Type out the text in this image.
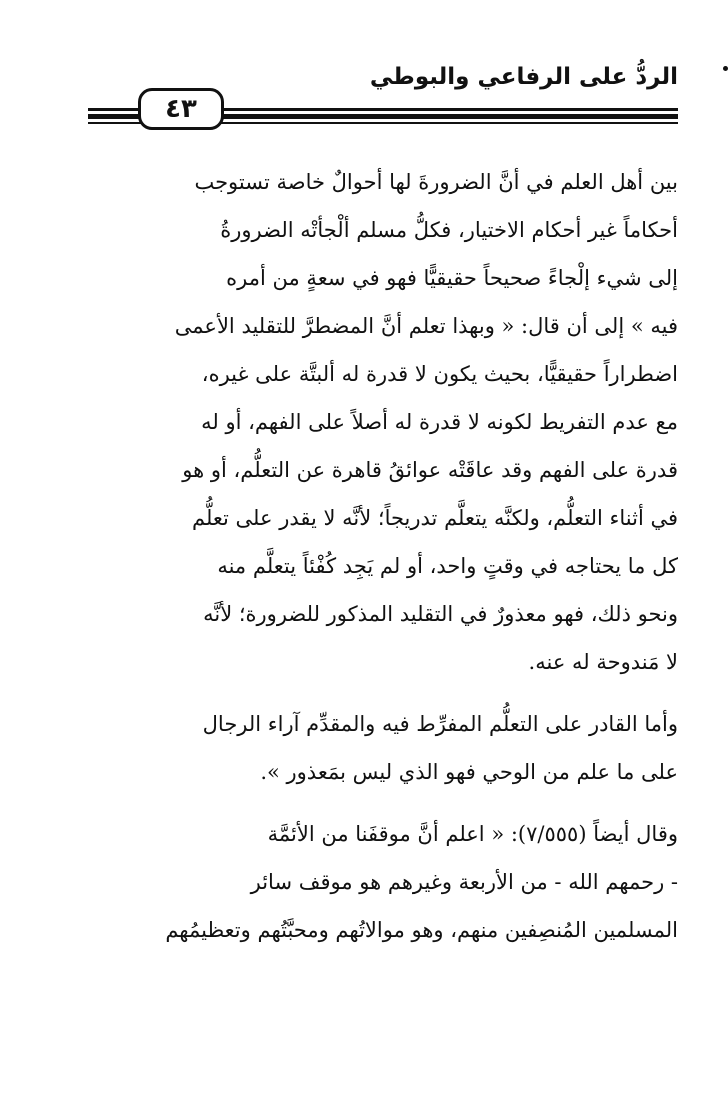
الردُّ على الرفاعي والبوطي
٤٣
بين أهل العلم في أنَّ الضرورةَ لها أحوالٌ خاصة تستوجب
أحكاماً غير أحكام الاختيار، فكلُّ مسلم ألْجأتْه الضرورةُ
إلى شيء إلْجاءً صحيحاً حقيقيًّا فهو في سعةٍ من أمره
فيه » إلى أن قال: « وبهذا تعلم أنَّ المضطرَّ للتقليد الأعمى
اضطراراً حقيقيًّا، بحيث يكون لا قدرة له ألبتَّة على غيره،
مع عدم التفريط لكونه لا قدرة له أصلاً على الفهم، أو له
قدرة على الفهم وقد عاقَتْه عوائقُ قاهرة عن التعلُّم، أو هو
في أثناء التعلُّم، ولكنَّه يتعلَّم تدريجاً؛ لأنَّه لا يقدر على تعلُّم
كل ما يحتاجه في وقتٍ واحد، أو لم يَجِد كُفْئاً يتعلَّم منه
ونحو ذلك، فهو معذورٌ في التقليد المذكور للضرورة؛ لأنَّه
لا مَندوحة له عنه.
وأما القادر على التعلُّم المفرِّط فيه والمقدِّم آراء الرجال
على ما علم من الوحي فهو الذي ليس بمَعذور ».
وقال أيضاً (٧/٥٥٥): « اعلم أنَّ موقفَنا من الأئمَّة
- رحمهم الله - من الأربعة وغيرهم هو موقف سائر
المسلمين المُنصِفين منهم، وهو موالاتُهم ومحبَّتُهم وتعظيمُهم
